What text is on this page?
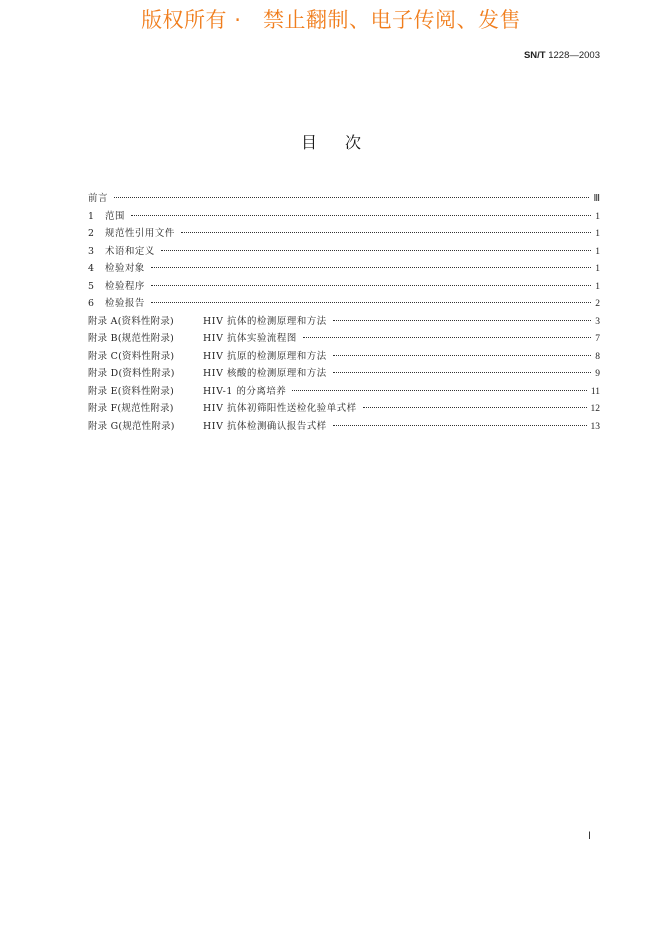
版权所有 ·   禁止翻制、电子传阅、发售
SN/T 1228—2003
目次
前言	Ⅲ
1 范围	1
2 规范性引用文件	1
3 术语和定义	1
4 检验对象	1
5 检验程序	1
6 检验报告	2
附录 A(资料性附录)	HIV 抗体的检测原理和方法	3
附录 B(规范性附录)	HIV 抗体实验流程图	7
附录 C(资料性附录)	HIV 抗原的检测原理和方法	8
附录 D(资料性附录)	HIV 核酸的检测原理和方法	9
附录 E(资料性附录)	HIV-1 的分离培养	11
附录 F(规范性附录)	HIV 抗体初筛阳性送检化验单式样	12
附录 G(规范性附录)	HIV 抗体检测确认报告式样	13
Ⅰ
